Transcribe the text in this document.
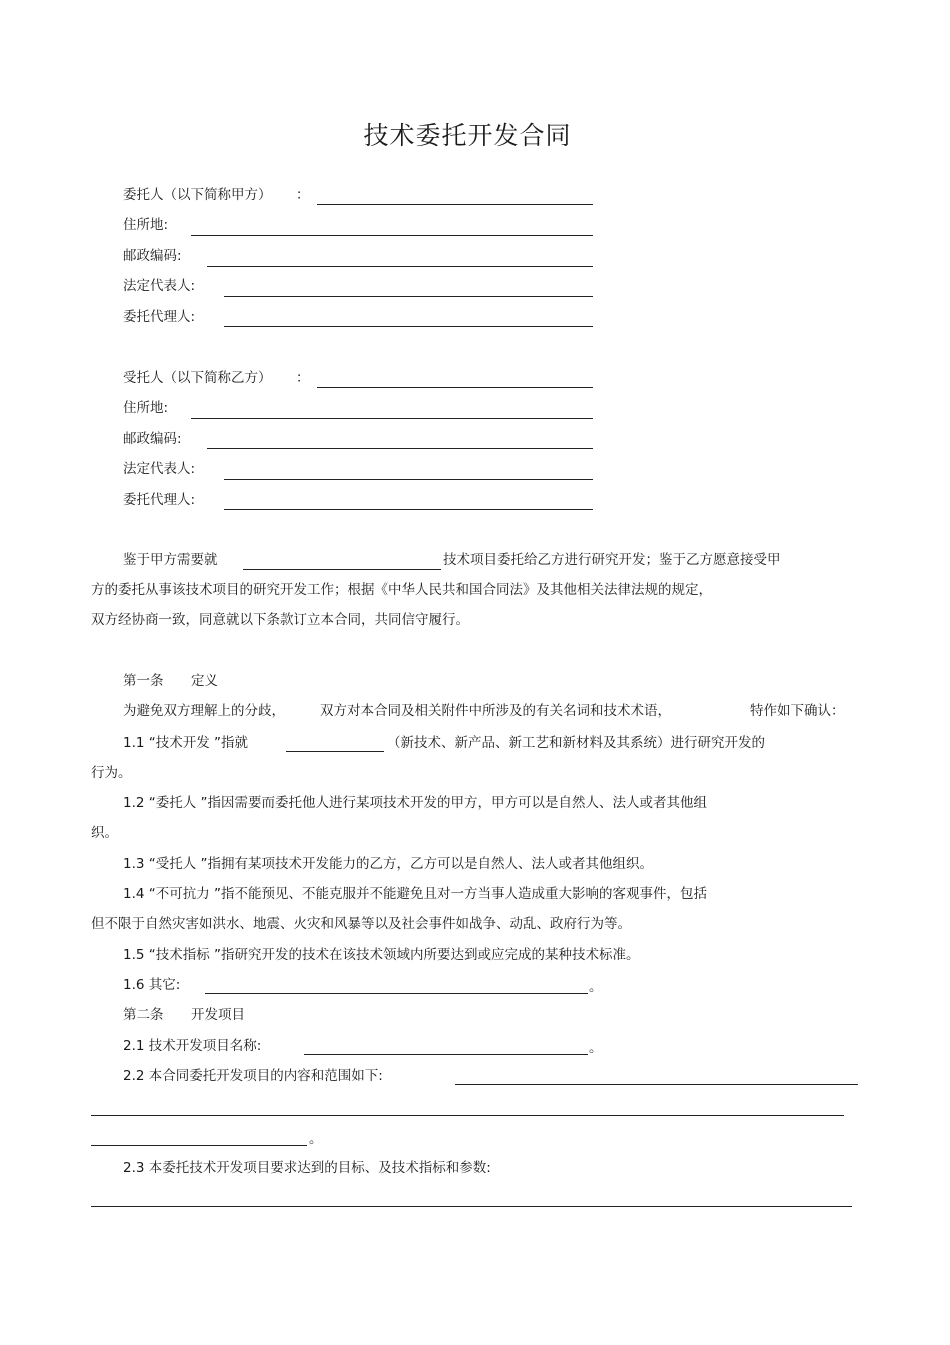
技术委托开发合同
委托人（以下简称甲方） ：
住所地:
邮政编码:
法定代表人:
委托代理人:
受托人（以下简称乙方） ：
住所地:
邮政编码:
法定代表人:
委托代理人:
鉴于甲方需要就	技术项目委托给乙方进行研究开发；鉴于乙方愿意接受甲
方的委托从事该技术项目的研究开发工作；根据《中华人民共和国合同法》及其他相关法律法规的规定，
双方经协商一致，同意就以下条款订立本合同，共同信守履行。
第一条 定义
为避免双方理解上的分歧，	双方对本合同及相关附件中所涉及的有关名词和技术术语，	特作如下确认：
1.1 “技术开发 ”指就	（新技术、新产品、新工艺和新材料及其系统）进行研究开发的
行为。
1.2 “委托人 ”指因需要而委托他人进行某项技术开发的甲方，甲方可以是自然人、法人或者其他组
织。
1.3 “受托人 ”指拥有某项技术开发能力的乙方，乙方可以是自然人、法人或者其他组织。
1.4 “不可抗力 ”指不能预见、不能克服并不能避免且对一方当事人造成重大影响的客观事件，包括
但不限于自然灾害如洪水、地震、火灾和风暴等以及社会事件如战争、动乱、政府行为等。
1.5 “技术指标 ”指研究开发的技术在该技术领域内所要达到或应完成的某种技术标准。
1.6 其它:	。
第二条 开发项目
2.1 技术开发项目名称:	。
2.2 本合同委托开发项目的内容和范围如下:
。
2.3 本委托技术开发项目要求达到的目标、及技术指标和参数:
